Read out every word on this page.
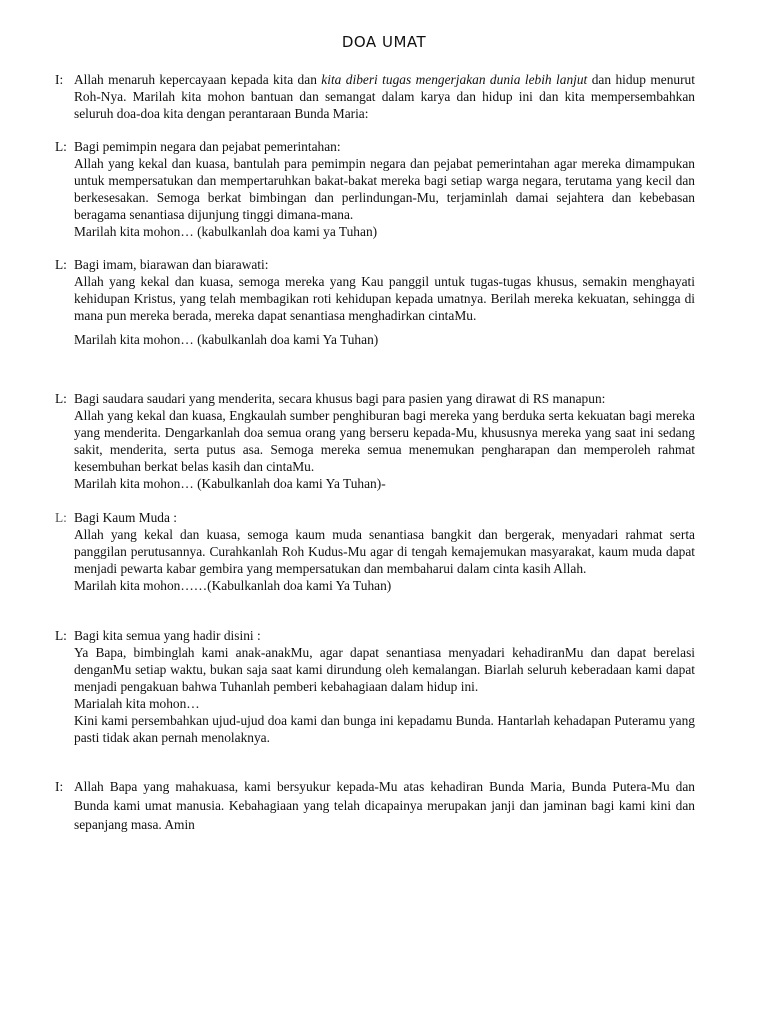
DOA UMAT
I: Allah menaruh kepercayaan kepada kita dan kita diberi tugas mengerjakan dunia lebih lanjut dan hidup menurut Roh-Nya. Marilah kita mohon bantuan dan semangat dalam karya dan hidup ini dan kita mempersembahkan seluruh doa-doa kita dengan perantaraan Bunda Maria:

L: Bagi pemimpin negara dan pejabat pemerintahan:

Allah yang kekal dan kuasa, bantulah para pemimpin negara dan pejabat pemerintahan agar mereka dimampukan untuk mempersatukan dan mempertaruhkan bakat-bakat mereka bagi setiap warga negara, terutama yang kecil dan berkesesakan. Semoga berkat bimbingan dan perlindungan-Mu, terjaminlah damai sejahtera dan kebebasan beragama senantiasa dijunjung tinggi dimana-mana.

Marilah kita mohon… (kabulkanlah doa kami ya Tuhan)

L: Bagi imam, biarawan dan biarawati:

Allah yang kekal dan kuasa, semoga mereka yang Kau panggil untuk tugas-tugas khusus, semakin menghayati kehidupan Kristus, yang telah membagikan roti kehidupan kepada umatnya. Berilah mereka kekuatan, sehingga di mana pun mereka berada, mereka dapat senantiasa menghadirkan cintaMu.

Marilah kita mohon… (kabulkanlah doa kami Ya Tuhan)

L: Bagi saudara saudari yang menderita, secara khusus bagi para pasien yang dirawat di RS manapun:

Allah yang kekal dan kuasa, Engkaulah sumber penghiburan bagi mereka yang berduka serta kekuatan bagi mereka yang menderita. Dengarkanlah doa semua orang yang berseru kepada-Mu, khususnya mereka yang saat ini sedang sakit, menderita, serta putus asa. Semoga mereka semua menemukan pengharapan dan memperoleh rahmat kesembuhan berkat belas kasih dan cintaMu.

Marilah kita mohon… (Kabulkanlah doa kami Ya Tuhan)-

L: Bagi Kaum Muda :

Allah yang kekal dan kuasa, semoga kaum muda senantiasa bangkit dan bergerak, menyadari rahmat serta panggilan perutusannya. Curahkanlah Roh Kudus-Mu agar di tengah kemajemukan masyarakat, kaum muda dapat menjadi pewarta kabar gembira yang mempersatukan dan membaharui dalam cinta kasih Allah.

Marilah kita mohon……(Kabulkanlah doa kami Ya Tuhan)

L: Bagi kita semua yang hadir disini :

Ya Bapa, bimbinglah kami anak-anakMu, agar dapat senantiasa menyadari kehadiranMu dan dapat berelasi denganMu setiap waktu, bukan saja saat kami dirundung oleh kemalangan. Biarlah seluruh keberadaan kami dapat menjadi pengakuan bahwa Tuhanlah pemberi kebahagiaan dalam hidup ini.

Marialah kita mohon…

Kini kami persembahkan ujud-ujud doa kami dan bunga ini kepadamu Bunda. Hantarlah kehadapan Puteramu yang pasti tidak akan pernah menolaknya.

I: Allah Bapa yang mahakuasa, kami bersyukur kepada-Mu atas kehadiran Bunda Maria, Bunda Putera-Mu dan Bunda kami umat manusia. Kebahagiaan yang telah dicapainya merupakan janji dan jaminan bagi kami kini dan sepanjang masa. Amin
